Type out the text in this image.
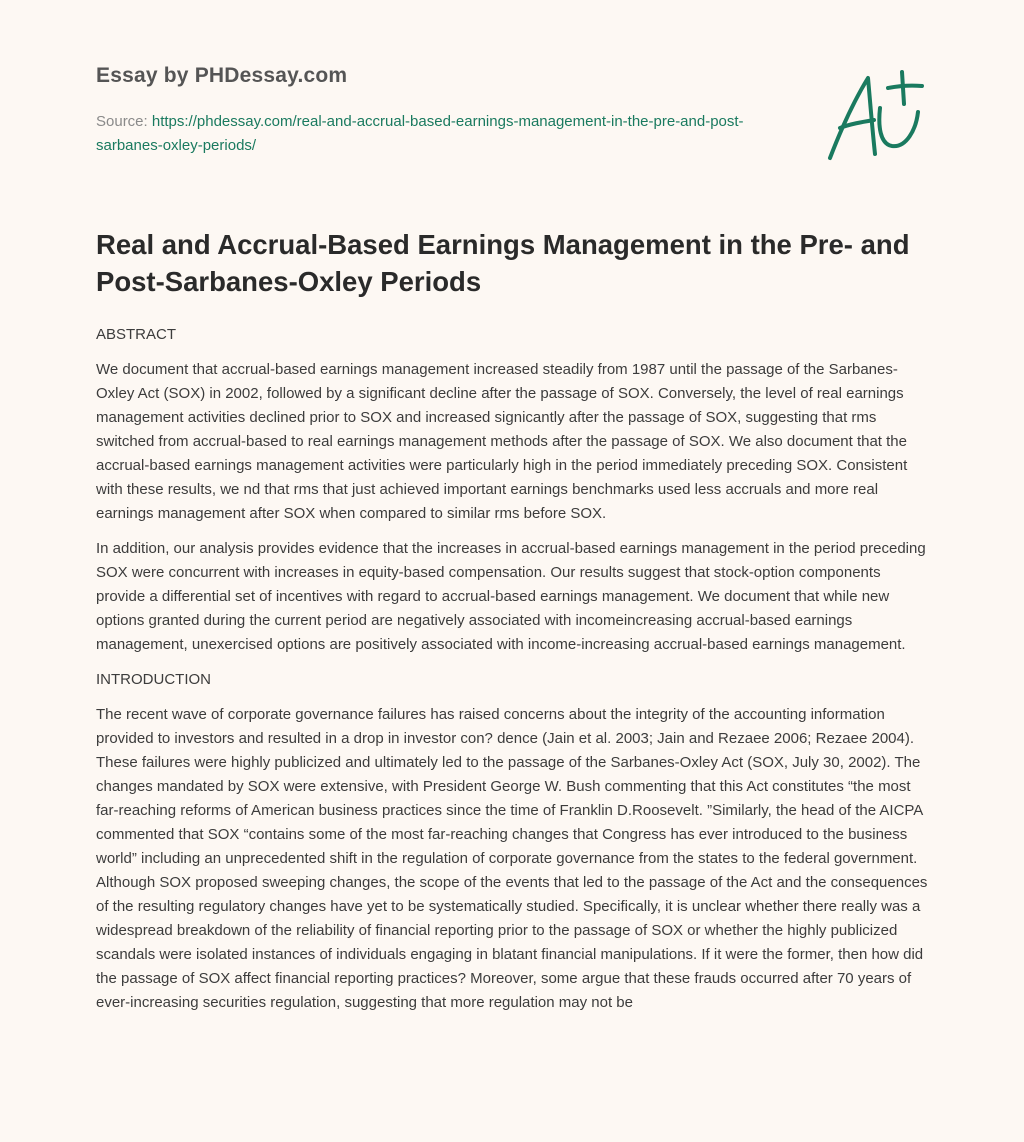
Essay by PHDessay.com
Source: https://phdessay.com/real-and-accrual-based-earnings-management-in-the-pre-and-post-sarbanes-oxley-periods/
Real and Accrual-Based Earnings Management in the Pre- and Post-Sarbanes-Oxley Periods

ABSTRACT

We document that accrual-based earnings management increased steadily from 1987 until the passage of the Sarbanes-Oxley Act (SOX) in 2002, followed by a significant decline after the passage of SOX. Conversely, the level of real earnings management activities declined prior to SOX and increased signicantly after the passage of SOX, suggesting that rms switched from accrual-based to real earnings management methods after the passage of SOX. We also document that the accrual-based earnings management activities were particularly high in the period immediately preceding SOX. Consistent with these results, we nd that rms that just achieved important earnings benchmarks used less accruals and more real earnings management after SOX when compared to similar rms before SOX.

In addition, our analysis provides evidence that the increases in accrual-based earnings management in the period preceding SOX were concurrent with increases in equity-based compensation. Our results suggest that stock-option components provide a differential set of incentives with regard to accrual-based earnings management. We document that while new options granted during the current period are negatively associated with incomeincreasing accrual-based earnings management, unexercised options are positively associated with income-increasing accrual-based earnings management.

INTRODUCTION

The recent wave of corporate governance failures has raised concerns about the integrity of the accounting information provided to investors and resulted in a drop in investor con? dence (Jain et al. 2003; Jain and Rezaee 2006; Rezaee 2004). These failures were highly publicized and ultimately led to the passage of the Sarbanes-Oxley Act (SOX, July 30, 2002). The changes mandated by SOX were extensive, with President George W. Bush commenting that this Act constitutes “the most far-reaching reforms of American business practices since the time of Franklin D.Roosevelt. ”Similarly, the head of the AICPA commented that SOX “contains some of the most far-reaching changes that Congress has ever introduced to the business world” including an unprecedented shift in the regulation of corporate governance from the states to the federal government. Although SOX proposed sweeping changes, the scope of the events that led to the passage of the Act and the consequences of the resulting regulatory changes have yet to be systematically studied. Specifically, it is unclear whether there really was a widespread breakdown of the reliability of financial reporting prior to the passage of SOX or whether the highly publicized scandals were isolated instances of individuals engaging in blatant financial manipulations. If it were the former, then how did the passage of SOX affect financial reporting practices? Moreover, some argue that these frauds occurred after 70 years of ever-increasing securities regulation, suggesting that more regulation may not be
